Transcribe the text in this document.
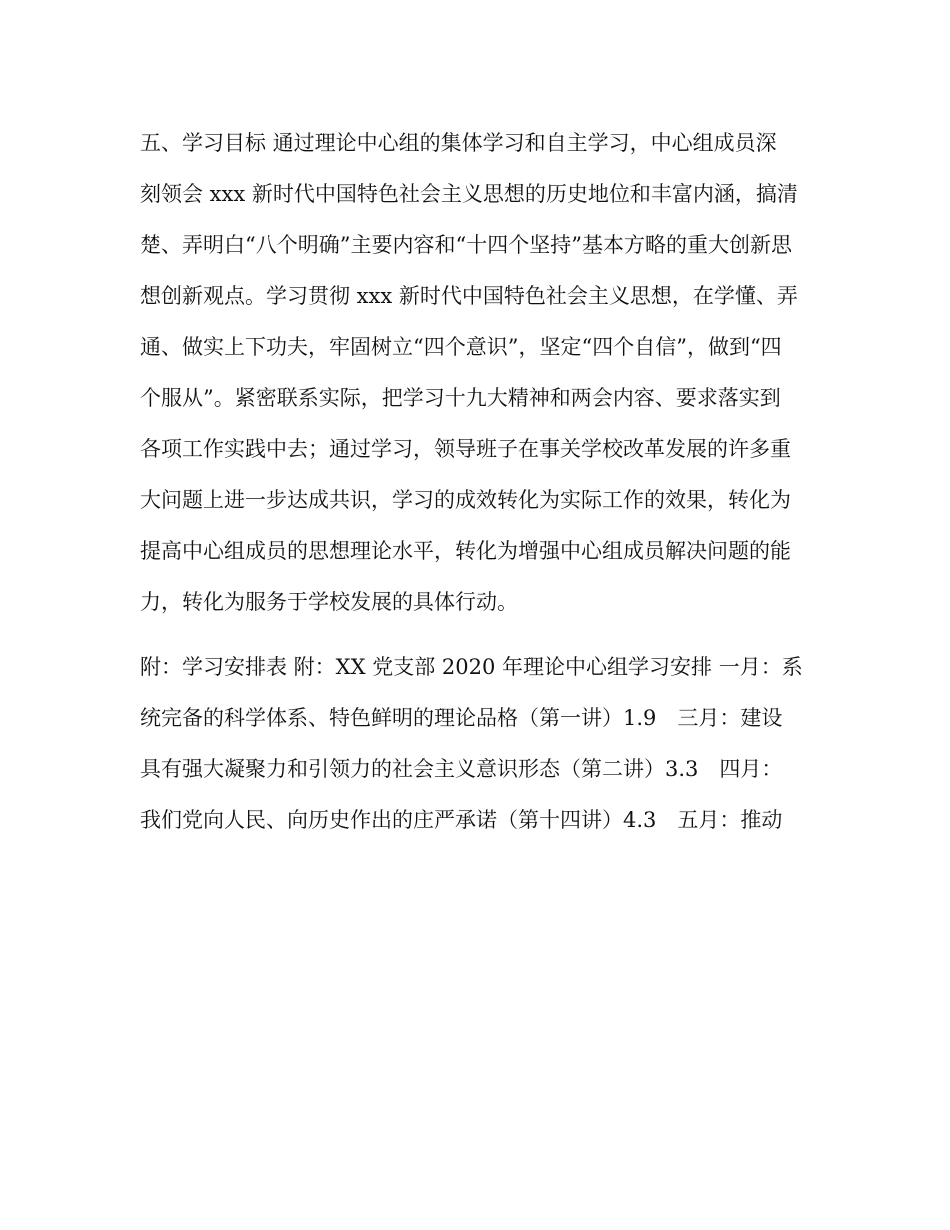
五、学习目标 通过理论中心组的集体学习和自主学习，中心组成员深
刻领会 xxx 新时代中国特色社会主义思想的历史地位和丰富内涵，搞清
楚、弄明白“八个明确”主要内容和“十四个坚持”基本方略的重大创新思
想创新观点。学习贯彻 xxx 新时代中国特色社会主义思想，在学懂、弄
通、做实上下功夫，牢固树立“四个意识”，坚定“四个自信”，做到“四
个服从”。紧密联系实际，把学习十九大精神和两会内容、要求落实到
各项工作实践中去；通过学习，领导班子在事关学校改革发展的许多重
大问题上进一步达成共识，学习的成效转化为实际工作的效果，转化为
提高中心组成员的思想理论水平，转化为增强中心组成员解决问题的能
力，转化为服务于学校发展的具体行动。
附：学习安排表 附：XX 党支部 2020 年理论中心组学习安排 一月：系
统完备的科学体系、特色鲜明的理论品格（第一讲）1.9　三月：建设
具有强大凝聚力和引领力的社会主义意识形态（第二讲）3.3　四月：
我们党向人民、向历史作出的庄严承诺（第十四讲）4.3　五月：推动
